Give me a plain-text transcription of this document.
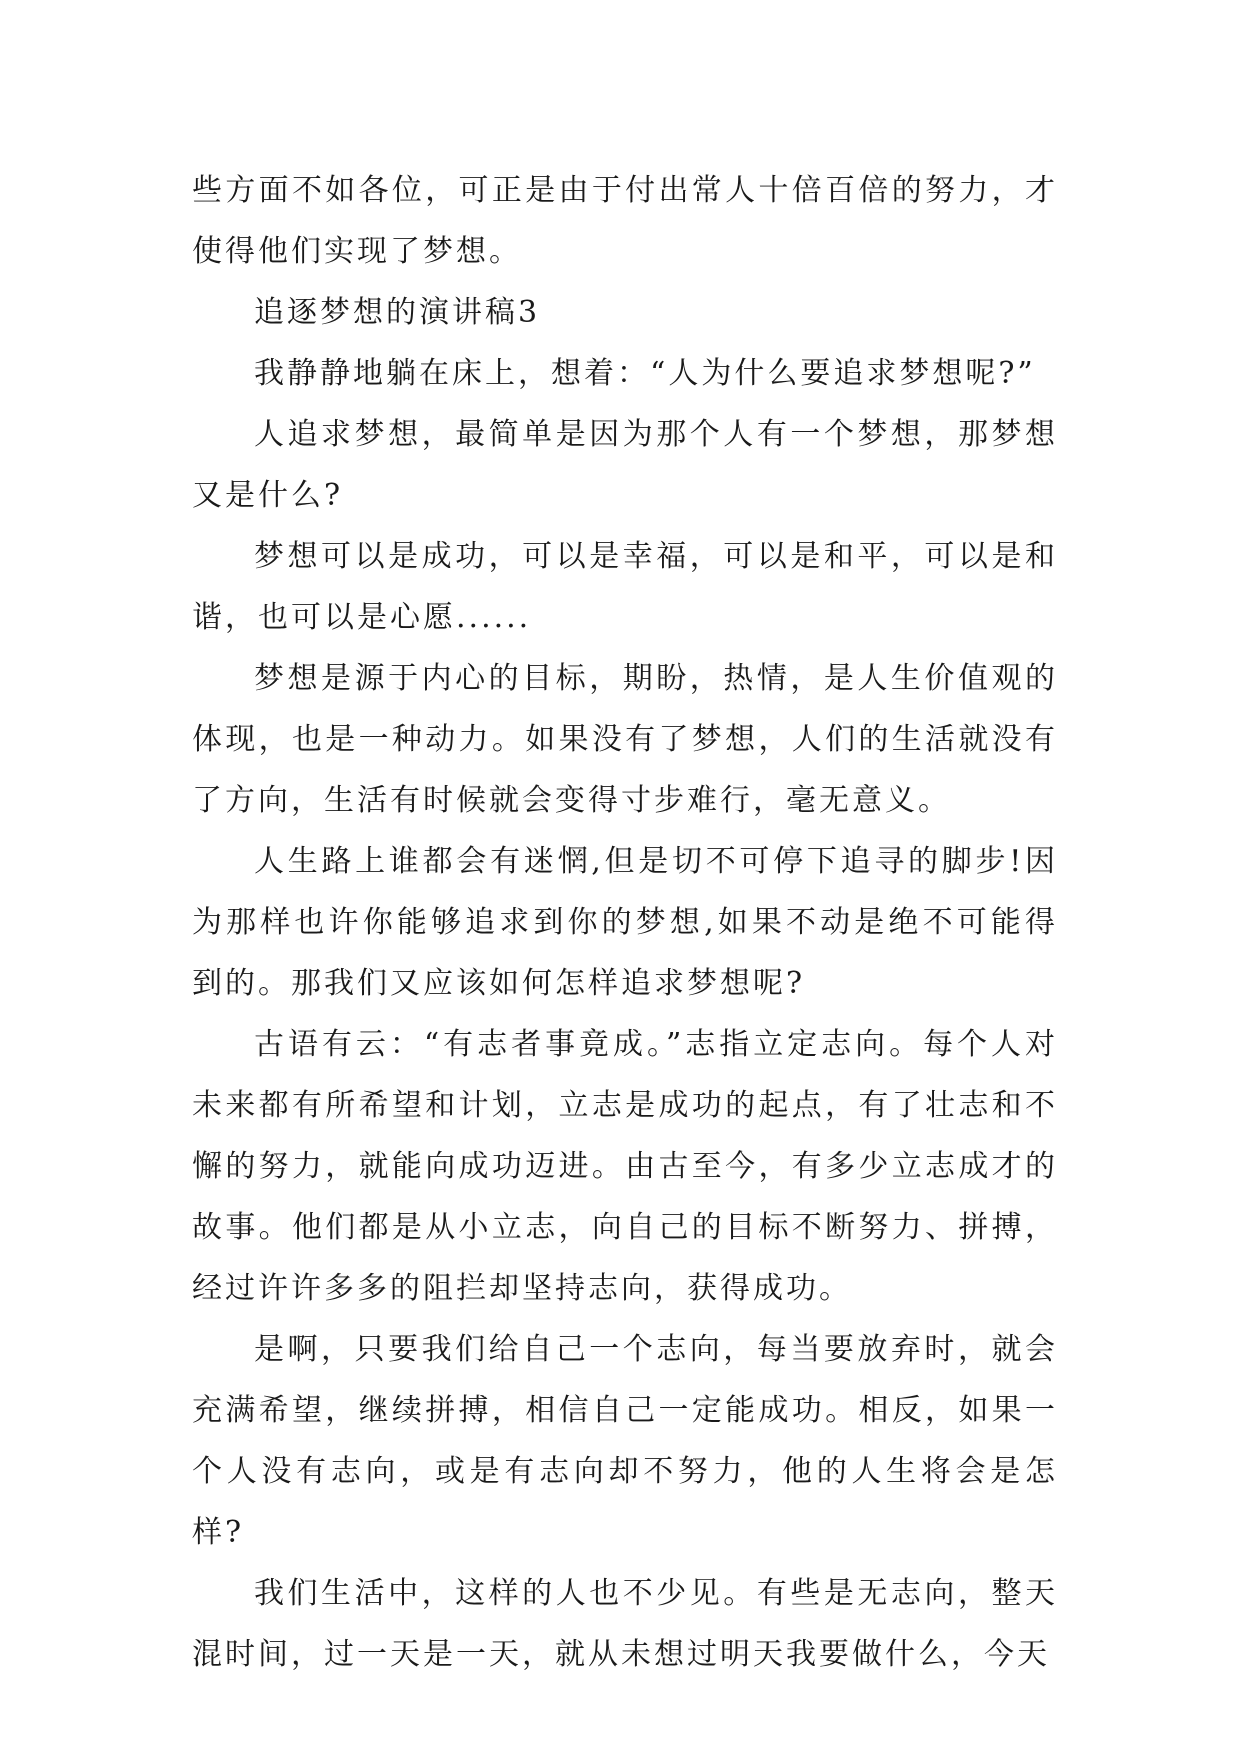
些方面不如各位，可正是由于付出常人十倍百倍的努力，才使得他们实现了梦想。

追逐梦想的演讲稿3

我静静地躺在床上，想着：“人为什么要追求梦想呢?”

人追求梦想，最简单是因为那个人有一个梦想，那梦想又是什么?

梦想可以是成功，可以是幸福，可以是和平，可以是和谐，也可以是心愿......

梦想是源于内心的目标，期盼，热情，是人生价值观的体现，也是一种动力。如果没有了梦想，人们的生活就没有了方向，生活有时候就会变得寸步难行，毫无意义。

人生路上谁都会有迷惘,但是切不可停下追寻的脚步!因为那样也许你能够追求到你的梦想,如果不动是绝不可能得到的。那我们又应该如何怎样追求梦想呢?

古语有云：“有志者事竟成。”志指立定志向。每个人对未来都有所希望和计划，立志是成功的起点，有了壮志和不懈的努力，就能向成功迈进。由古至今，有多少立志成才的故事。他们都是从小立志，向自己的目标不断努力、拼搏，经过许许多多的阻拦却坚持志向，获得成功。

是啊，只要我们给自己一个志向，每当要放弃时，就会充满希望，继续拼搏，相信自己一定能成功。相反，如果一个人没有志向，或是有志向却不努力，他的人生将会是怎样?

我们生活中，这样的人也不少见。有些是无志向，整天混时间，过一天是一天，就从未想过明天我要做什么，今天
